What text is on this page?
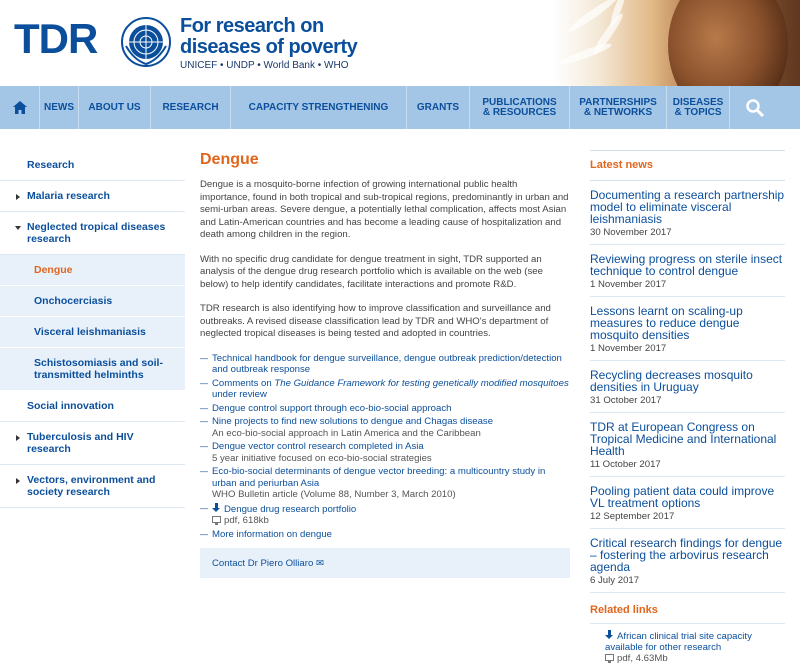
TDR	For research on
diseases of poverty
UNICEF • UNDP • World Bank • WHO
NEWS	ABOUT US	RESEARCH	CAPACITY STRENGTHENING	GRANTS	PUBLICATIONS & RESOURCES
PARTNERSHIPS & NETWORKS
DISEASES & TOPICS
Research
Malaria research
Neglected tropical diseases research
Dengue
Onchocerciasis
Visceral leishmaniasis
Schistosomiasis and soil-transmitted helminths
Social innovation
Tuberculosis and HIV research
Vectors, environment and society research
Dengue

Dengue is a mosquito-borne infection of growing international public health importance, found in both tropical and sub-tropical regions, predominantly in urban and semi-urban areas. Severe dengue, a potentially lethal complication, affects most Asian and Latin-American countries and has become a leading cause of hospitalization and death among children in the region.

With no specific drug candidate for dengue treatment in sight, TDR supported an analysis of the dengue drug research portfolio which is available on the web (see below) to help identify candidates, facilitate interactions and promote R&D.

TDR research is also identifying how to improve classification and surveillance and outbreaks. A revised disease classification lead by TDR and WHO's department of neglected tropical diseases is being tested and adopted in countries.

— Technical handbook for dengue surveillance, dengue outbreak prediction/detection and outbreak response
— Comments on The Guidance Framework for testing genetically modified mosquitoes under review
— Dengue control support through eco-bio-social approach
— Nine projects to find new solutions to dengue and Chagas disease
An eco-bio-social approach in Latin America and the Caribbean
— Dengue vector control research completed in Asia
5 year initiative focused on eco-bio-social strategies
— Eco-bio-social determinants of dengue vector breeding: a multicountry study in urban and periurban Asia
WHO Bulletin article (Volume 88, Number 3, March 2010)
— Dengue drug research portfolio
pdf, 618kb
— More information on dengue
Contact Dr Piero Olliaro ✉
Latest news
Documenting a research partnership model to eliminate visceral leishmaniasis
30 November 2017
Reviewing progress on sterile insect technique to control dengue
1 November 2017
Lessons learnt on scaling-up measures to reduce dengue mosquito densities
1 November 2017
Recycling decreases mosquito densities in Uruguay
31 October 2017
TDR at European Congress on Tropical Medicine and International Health
11 October 2017
Pooling patient data could improve VL treatment options
12 September 2017
Critical research findings for dengue – fostering the arbovirus research agenda
6 July 2017
Related links
African clinical trial site capacity available for other research
pdf, 4.63Mb
